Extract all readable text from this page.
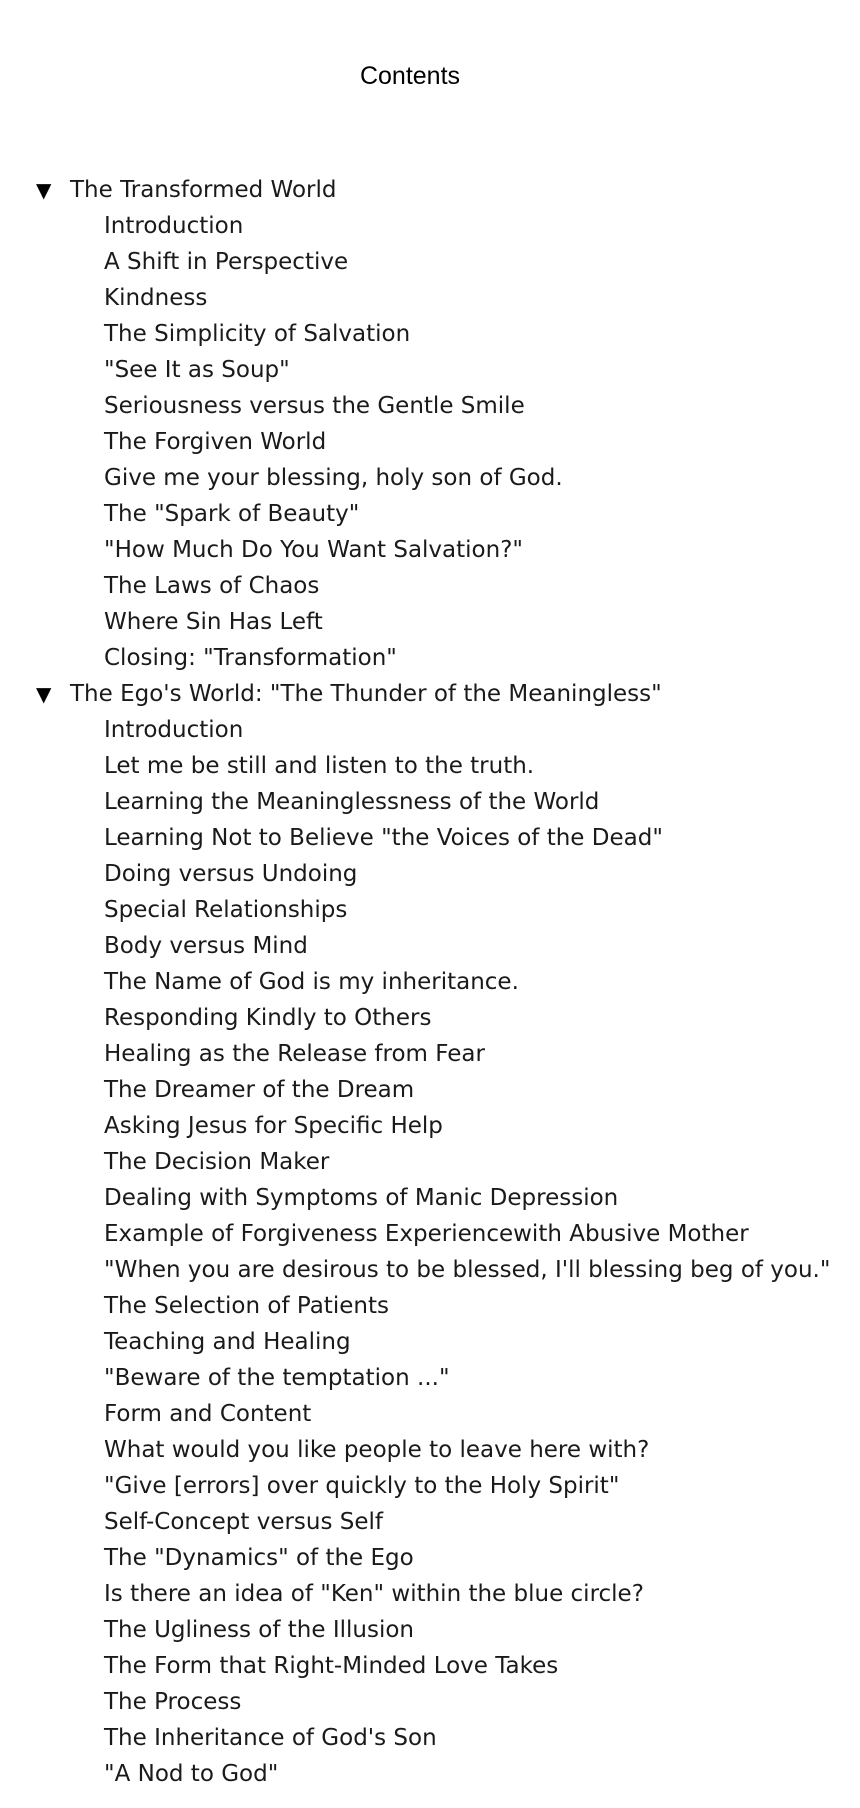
Contents
▼ The Transformed World
Introduction
A Shift in Perspective
Kindness
The Simplicity of Salvation
"See It as Soup"
Seriousness versus the Gentle Smile
The Forgiven World
Give me your blessing, holy son of God.
The "Spark of Beauty"
"How Much Do You Want Salvation?"
The Laws of Chaos
Where Sin Has Left
Closing: "Transformation"
▼ The Ego's World: "The Thunder of the Meaningless"
Introduction
Let me be still and listen to the truth.
Learning the Meaninglessness of the World
Learning Not to Believe "the Voices of the Dead"
Doing versus Undoing
Special Relationships
Body versus Mind
The Name of God is my inheritance.
Responding Kindly to Others
Healing as the Release from Fear
The Dreamer of the Dream
Asking Jesus for Specific Help
The Decision Maker
Dealing with Symptoms of Manic Depression
Example of Forgiveness Experiencewith Abusive Mother
"When you are desirous to be blessed, I'll blessing beg of you."
The Selection of Patients
Teaching and Healing
"Beware of the temptation ..."
Form and Content
What would you like people to leave here with?
"Give [errors] over quickly to the Holy Spirit"
Self-Concept versus Self
The "Dynamics" of the Ego
Is there an idea of "Ken" within the blue circle?
The Ugliness of the Illusion
The Form that Right-Minded Love Takes
The Process
The Inheritance of God's Son
"A Nod to God"
